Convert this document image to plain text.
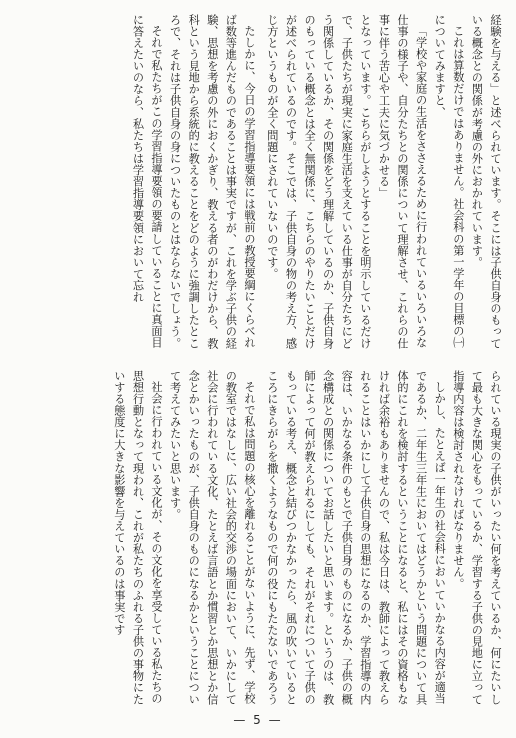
経験を与える」と述べられています。そこには子供自身のもっている概念との関係が考慮の外におかれています。

これは算数だけではありません。社会科の第一学年の目標の㈠についてみますと、

「学校や家庭の生活をささえるために行われているいろいろな仕事の様子や、自分たちとの関係について理解させ、これらの仕事に伴う苦心や工夫に気づかせる」

となっています。こちらがしようとすることを明示しているだけで、子供たちが現実に家庭生活を支えている仕事が自分たちにどう関係しているか、その関係をどう理解しているのか、子供自身のもっている概念とは全く無関係に、こちらのやりたいことだけが述べられているのです。そこでは、子供自身の物の考え方、感じ方というものが全く問題にされていないのです。

たしかに、今日の学習指導要領には戦前の教授要綱にくらべれば数等進んだものであることは事実ですが、これを学ぶ子供の経験、思想を考慮の外におくかぎり、教える者のがわだけから、教科という見地から系統的に教えることをどのように強調したところで、それは子供自身の身についたものとはならないでしょう。

それで私たちがこの学習指導要領の要請していることに真面目に答えたいのなら、私たちは学習指導要領において忘れ

られている現実の子供がいったい何を考えているか、何にたいして最も大きな関心をもっているか、学習する子供の見地に立って指導内容は検討されなければなりません。

しかし、たとえば一年生の社会科においていかなる内容が適当であるか、二年生三年生においてはどうかという問題について具体的にこれを検討するということになると、私にはその資格もなければ余裕もありませんので、私は今日は、教師によって教えられることはいかにして子供自身の思想になるのか、学習指導の内容は、いかなる条件のもとで子供自身のものになるか、子供の概念構成との関係についてお話したいと思います。というのは、教師によって何が教えられるにしても、それがそれについて子供のもっている考え、概念と結びつかなかったら、風の吹いているところにきらがらを撒くようなもので何の役にもたたないであろう

それで私は問題の核心を離れることがないように、先ず、学校の教室ではなしに、広い社会的交渉の場面において、いかにして社会に行われている文化、たとえば言語とか慣習とか思想とか信念とかいったものが、子供自身のものになるかということについて考えてみたいと思います。

社会に行われている文化が、その文化を享受している私たちの思想行動となって現われ、これが私たちのふれる子供の事物にたいする態度に大きな影響を与えているのは事実です

— 5 —
